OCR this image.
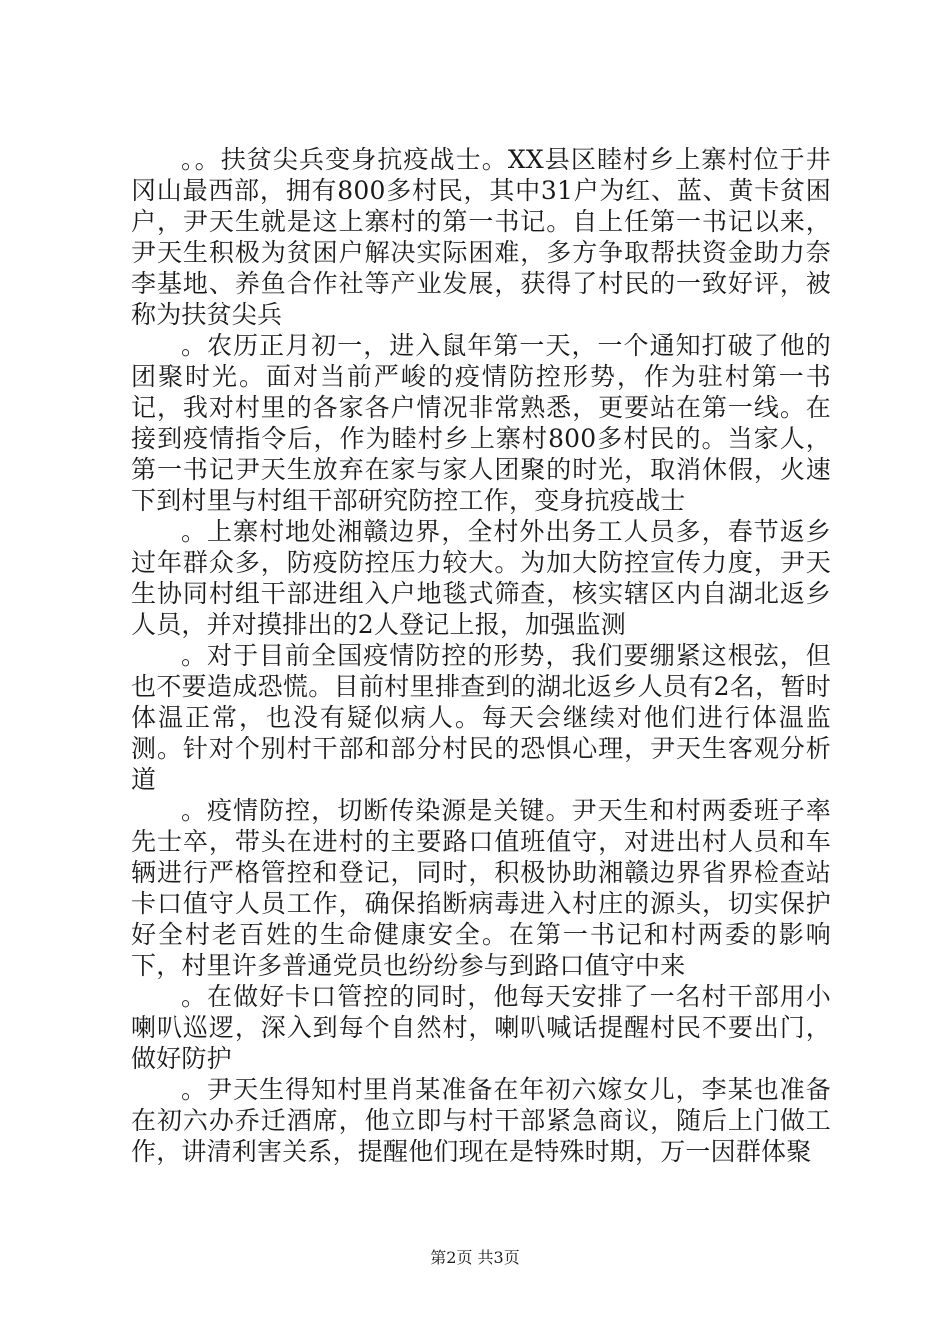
。。扶贫尖兵变身抗疫战士。XX县区睦村乡上寨村位于井冈山最西部，拥有800多村民，其中31户为红、蓝、黄卡贫困户，尹天生就是这上寨村的第一书记。自上任第一书记以来，尹天生积极为贫困户解决实际困难，多方争取帮扶资金助力奈李基地、养鱼合作社等产业发展，获得了村民的一致好评，被称为扶贫尖兵

。农历正月初一，进入鼠年第一天，一个通知打破了他的团聚时光。面对当前严峻的疫情防控形势，作为驻村第一书记，我对村里的各家各户情况非常熟悉，更要站在第一线。在接到疫情指令后，作为睦村乡上寨村800多村民的。当家人，第一书记尹天生放弃在家与家人团聚的时光，取消休假，火速下到村里与村组干部研究防控工作，变身抗疫战士

。上寨村地处湘赣边界，全村外出务工人员多，春节返乡过年群众多，防疫防控压力较大。为加大防控宣传力度，尹天生协同村组干部进组入户地毯式筛查，核实辖区内自湖北返乡人员，并对摸排出的2人登记上报，加强监测

。对于目前全国疫情防控的形势，我们要绷紧这根弦，但也不要造成恐慌。目前村里排查到的湖北返乡人员有2名，暂时体温正常，也没有疑似病人。每天会继续对他们进行体温监测。针对个别村干部和部分村民的恐惧心理，尹天生客观分析道

。疫情防控，切断传染源是关键。尹天生和村两委班子率先士卒，带头在进村的主要路口值班值守，对进出村人员和车辆进行严格管控和登记，同时，积极协助湘赣边界省界检查站卡口值守人员工作，确保掐断病毒进入村庄的源头，切实保护好全村老百姓的生命健康安全。在第一书记和村两委的影响下，村里许多普通党员也纷纷参与到路口值守中来

。在做好卡口管控的同时，他每天安排了一名村干部用小喇叭巡逻，深入到每个自然村，喇叭喊话提醒村民不要出门，做好防护

。尹天生得知村里肖某准备在年初六嫁女儿，李某也准备在初六办乔迁酒席，他立即与村干部紧急商议，随后上门做工作，讲清利害关系，提醒他们现在是特殊时期，万一因群体聚

第2页 共3页
